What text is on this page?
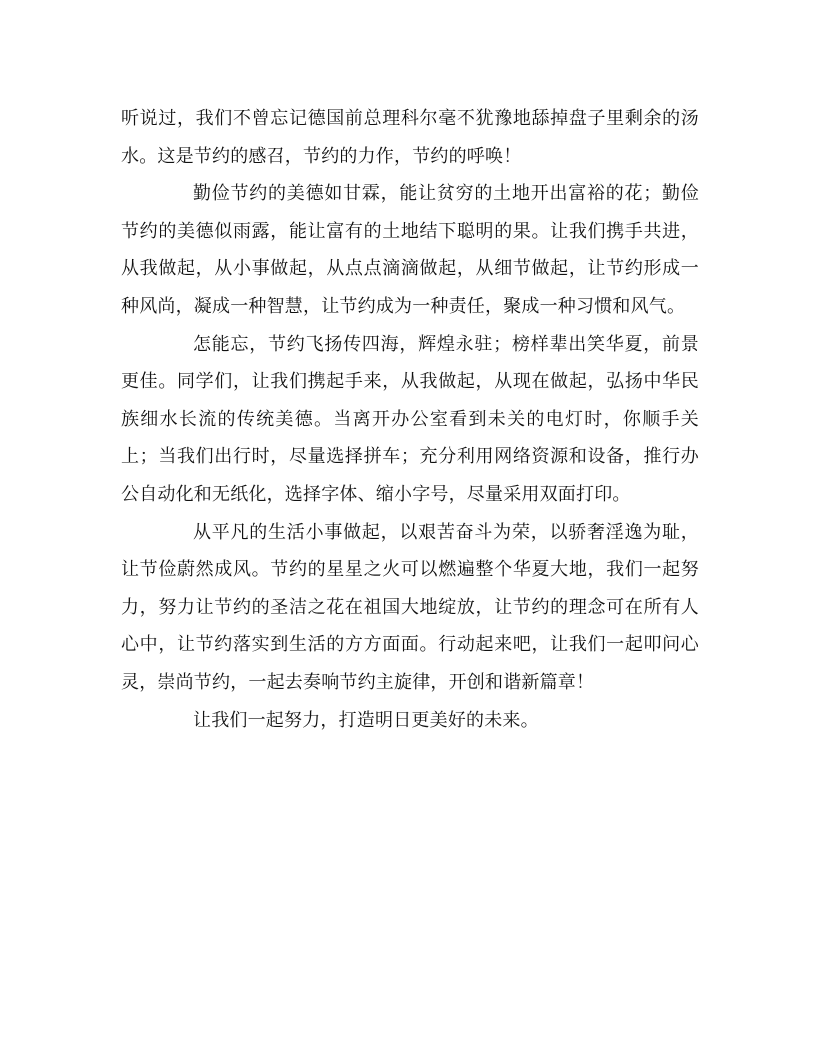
听说过，我们不曾忘记德国前总理科尔毫不犹豫地舔掉盘子里剩余的汤水。这是节约的感召，节约的力作，节约的呼唤！

勤俭节约的美德如甘霖，能让贫穷的土地开出富裕的花；勤俭节约的美德似雨露，能让富有的土地结下聪明的果。让我们携手共进，从我做起，从小事做起，从点点滴滴做起，从细节做起，让节约形成一种风尚，凝成一种智慧，让节约成为一种责任，聚成一种习惯和风气。

怎能忘，节约飞扬传四海，辉煌永驻；榜样辈出笑华夏，前景更佳。同学们，让我们携起手来，从我做起，从现在做起，弘扬中华民族细水长流的传统美德。当离开办公室看到未关的电灯时，你顺手关上；当我们出行时，尽量选择拼车；充分利用网络资源和设备，推行办公自动化和无纸化，选择字体、缩小字号，尽量采用双面打印。

从平凡的生活小事做起，以艰苦奋斗为荣，以骄奢淫逸为耻，让节俭蔚然成风。节约的星星之火可以燃遍整个华夏大地，我们一起努力，努力让节约的圣洁之花在祖国大地绽放，让节约的理念可在所有人心中，让节约落实到生活的方方面面。行动起来吧，让我们一起叩问心灵，崇尚节约，一起去奏响节约主旋律，开创和谐新篇章！

让我们一起努力，打造明日更美好的未来。
